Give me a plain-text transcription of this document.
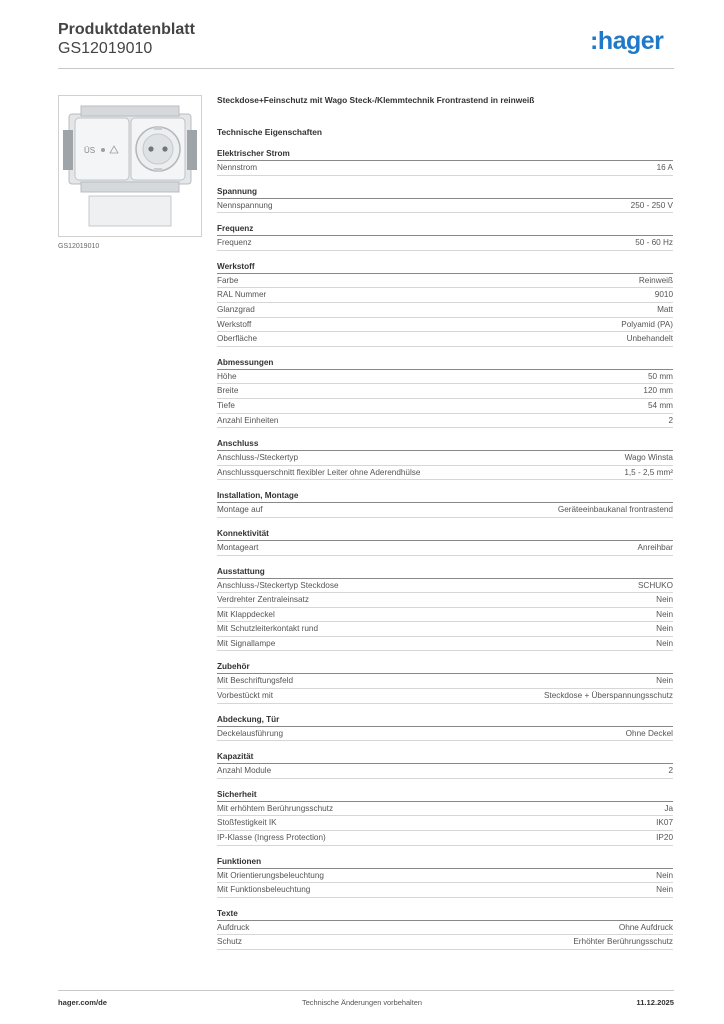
Produktdatenblatt
GS12019010	:hager
ÜS
GS12019010
Steckdose+Feinschutz mit Wago Steck-/Klemmtechnik Frontrastend in reinweiß
Technische Eigenschaften
Elektrischer Strom
Nennstrom	16 A
Spannung
Nennspannung	250 - 250 V
Frequenz
Frequenz	50 - 60 Hz
Werkstoff
Farbe	Reinweiß
RAL Nummer	9010
Glanzgrad	Matt
Werkstoff	Polyamid (PA)
Oberfläche	Unbehandelt
Abmessungen
Höhe	50 mm
Breite	120 mm
Tiefe	54 mm
Anzahl Einheiten	2
Anschluss
Anschluss-/Steckertyp	Wago Winsta
Anschlussquerschnitt flexibler Leiter ohne Aderendhülse	1,5 - 2,5 mm²
Installation, Montage
Montage auf	Geräteeinbaukanal frontrastend
Konnektivität
Montageart	Anreihbar
Ausstattung
Anschluss-/Steckertyp Steckdose	SCHUKO
Verdrehter Zentraleinsatz	Nein
Mit Klappdeckel	Nein
Mit Schutzleiterkontakt rund	Nein
Mit Signallampe	Nein
Zubehör
Mit Beschriftungsfeld	Nein
Vorbestückt mit	Steckdose + Überspannungsschutz
Abdeckung, Tür
Deckelausführung	Ohne Deckel
Kapazität
Anzahl Module	2
Sicherheit
Mit erhöhtem Berührungsschutz	Ja
Stoßfestigkeit IK	IK07
IP-Klasse (Ingress Protection)	IP20
Funktionen
Mit Orientierungsbeleuchtung	Nein
Mit Funktionsbeleuchtung	Nein
Texte
Aufdruck	Ohne Aufdruck
Schutz	Erhöhter Berührungsschutz
hager.com/de	Technische Änderungen vorbehalten	11.12.2025
